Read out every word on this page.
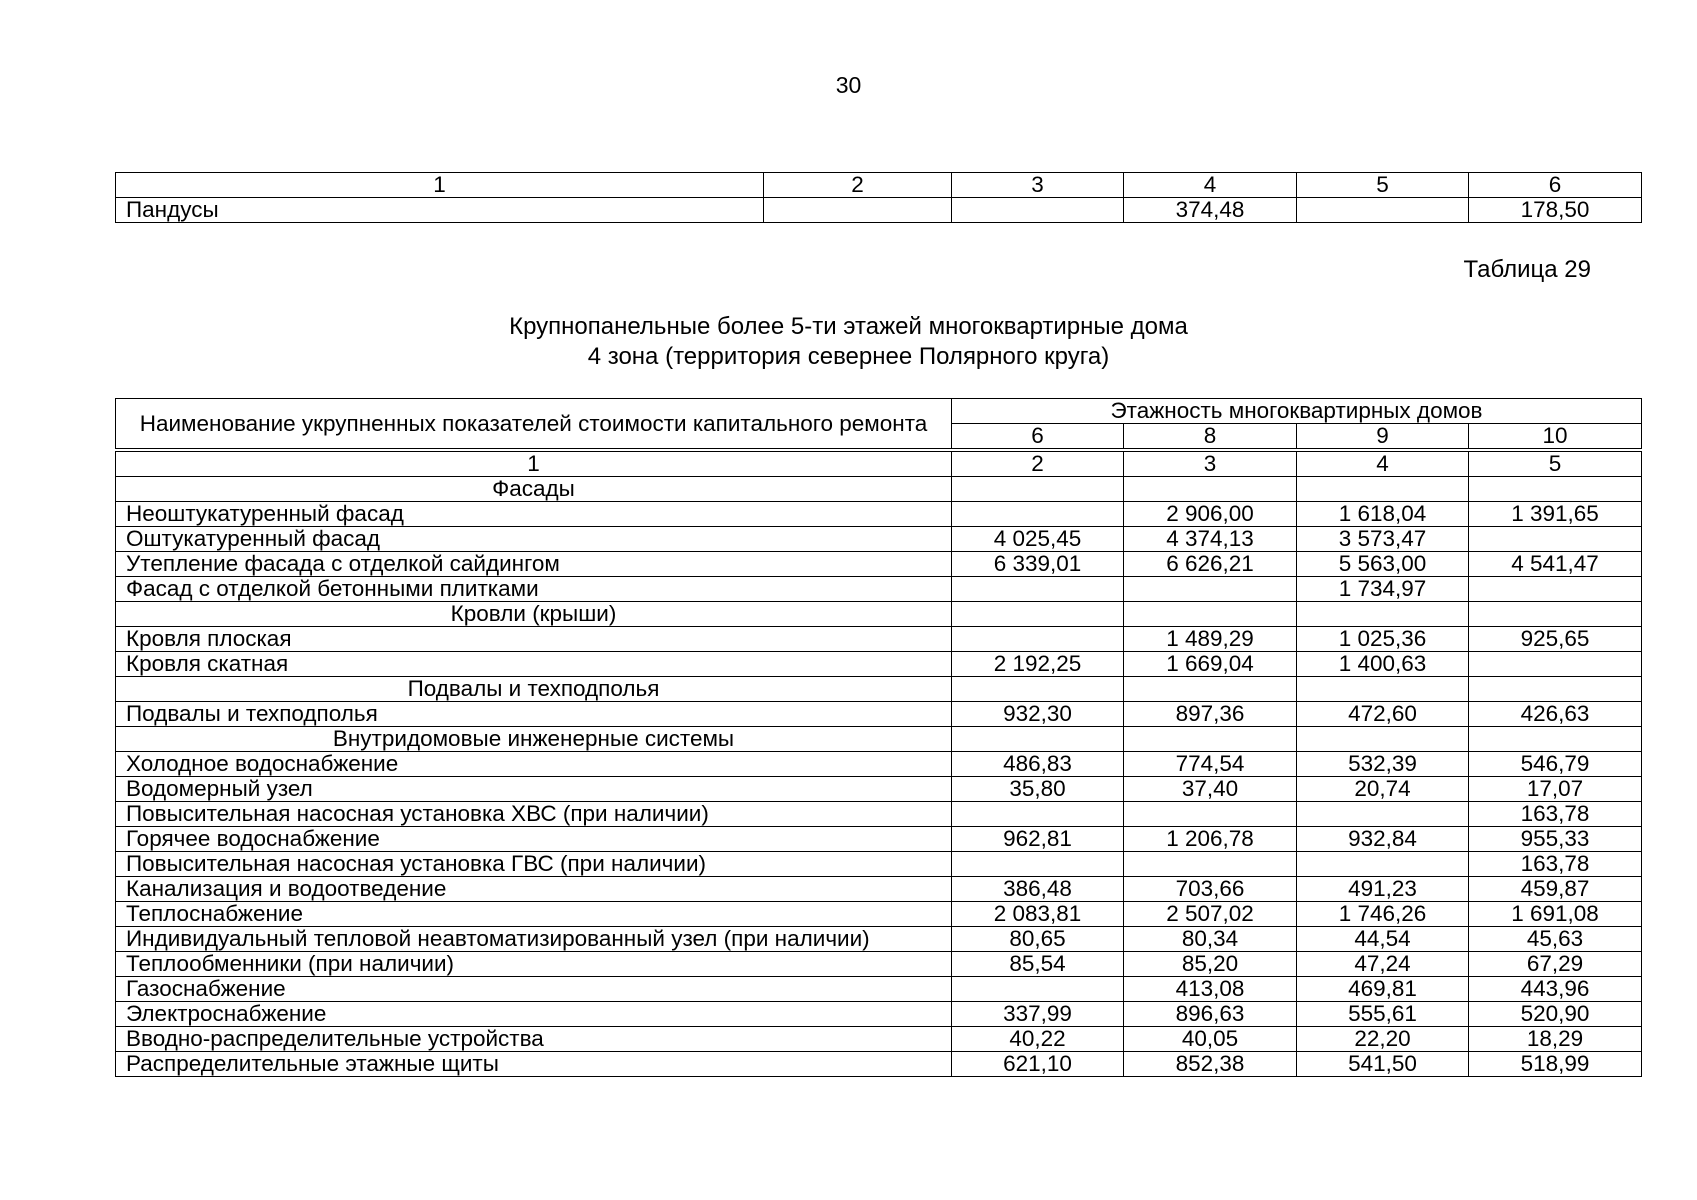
30
1	2	3	4	5	6
Пандусы			374,48		178,50
Таблица 29
Крупнопанельные более 5-ти этажей многоквартирные дома
4 зона (территория севернее Полярного круга)
Наименование укрупненных показателей стоимости капитального ремонта	Этажность многоквартирных домов			
	6	8	9	10

1	2	3	4	5
Фасады				
Неоштукатуренный фасад		2 906,00	1 618,04	1 391,65
Оштукатуренный фасад	4 025,45	4 374,13	3 573,47	
Утепление фасада с отделкой сайдингом	6 339,01	6 626,21	5 563,00	4 541,47
Фасад с отделкой бетонными плитками			1 734,97	
Кровли (крыши)				
Кровля плоская		1 489,29	1 025,36	925,65
Кровля скатная	2 192,25	1 669,04	1 400,63	
Подвалы и техподполья				
Подвалы и техподполья	932,30	897,36	472,60	426,63
Внутридомовые инженерные системы				
Холодное водоснабжение	486,83	774,54	532,39	546,79
Водомерный узел	35,80	37,40	20,74	17,07
Повысительная насосная установка ХВС (при наличии)				163,78
Горячее водоснабжение	962,81	1 206,78	932,84	955,33
Повысительная насосная установка ГВС (при наличии)				163,78
Канализация и водоотведение	386,48	703,66	491,23	459,87
Теплоснабжение	2 083,81	2 507,02	1 746,26	1 691,08
Индивидуальный тепловой неавтоматизированный узел (при наличии)	80,65	80,34	44,54	45,63
Теплообменники (при наличии)	85,54	85,20	47,24	67,29
Газоснабжение		413,08	469,81	443,96
Электроснабжение	337,99	896,63	555,61	520,90
Вводно-распределительные устройства	40,22	40,05	22,20	18,29
Распределительные этажные щиты	621,10	852,38	541,50	518,99
